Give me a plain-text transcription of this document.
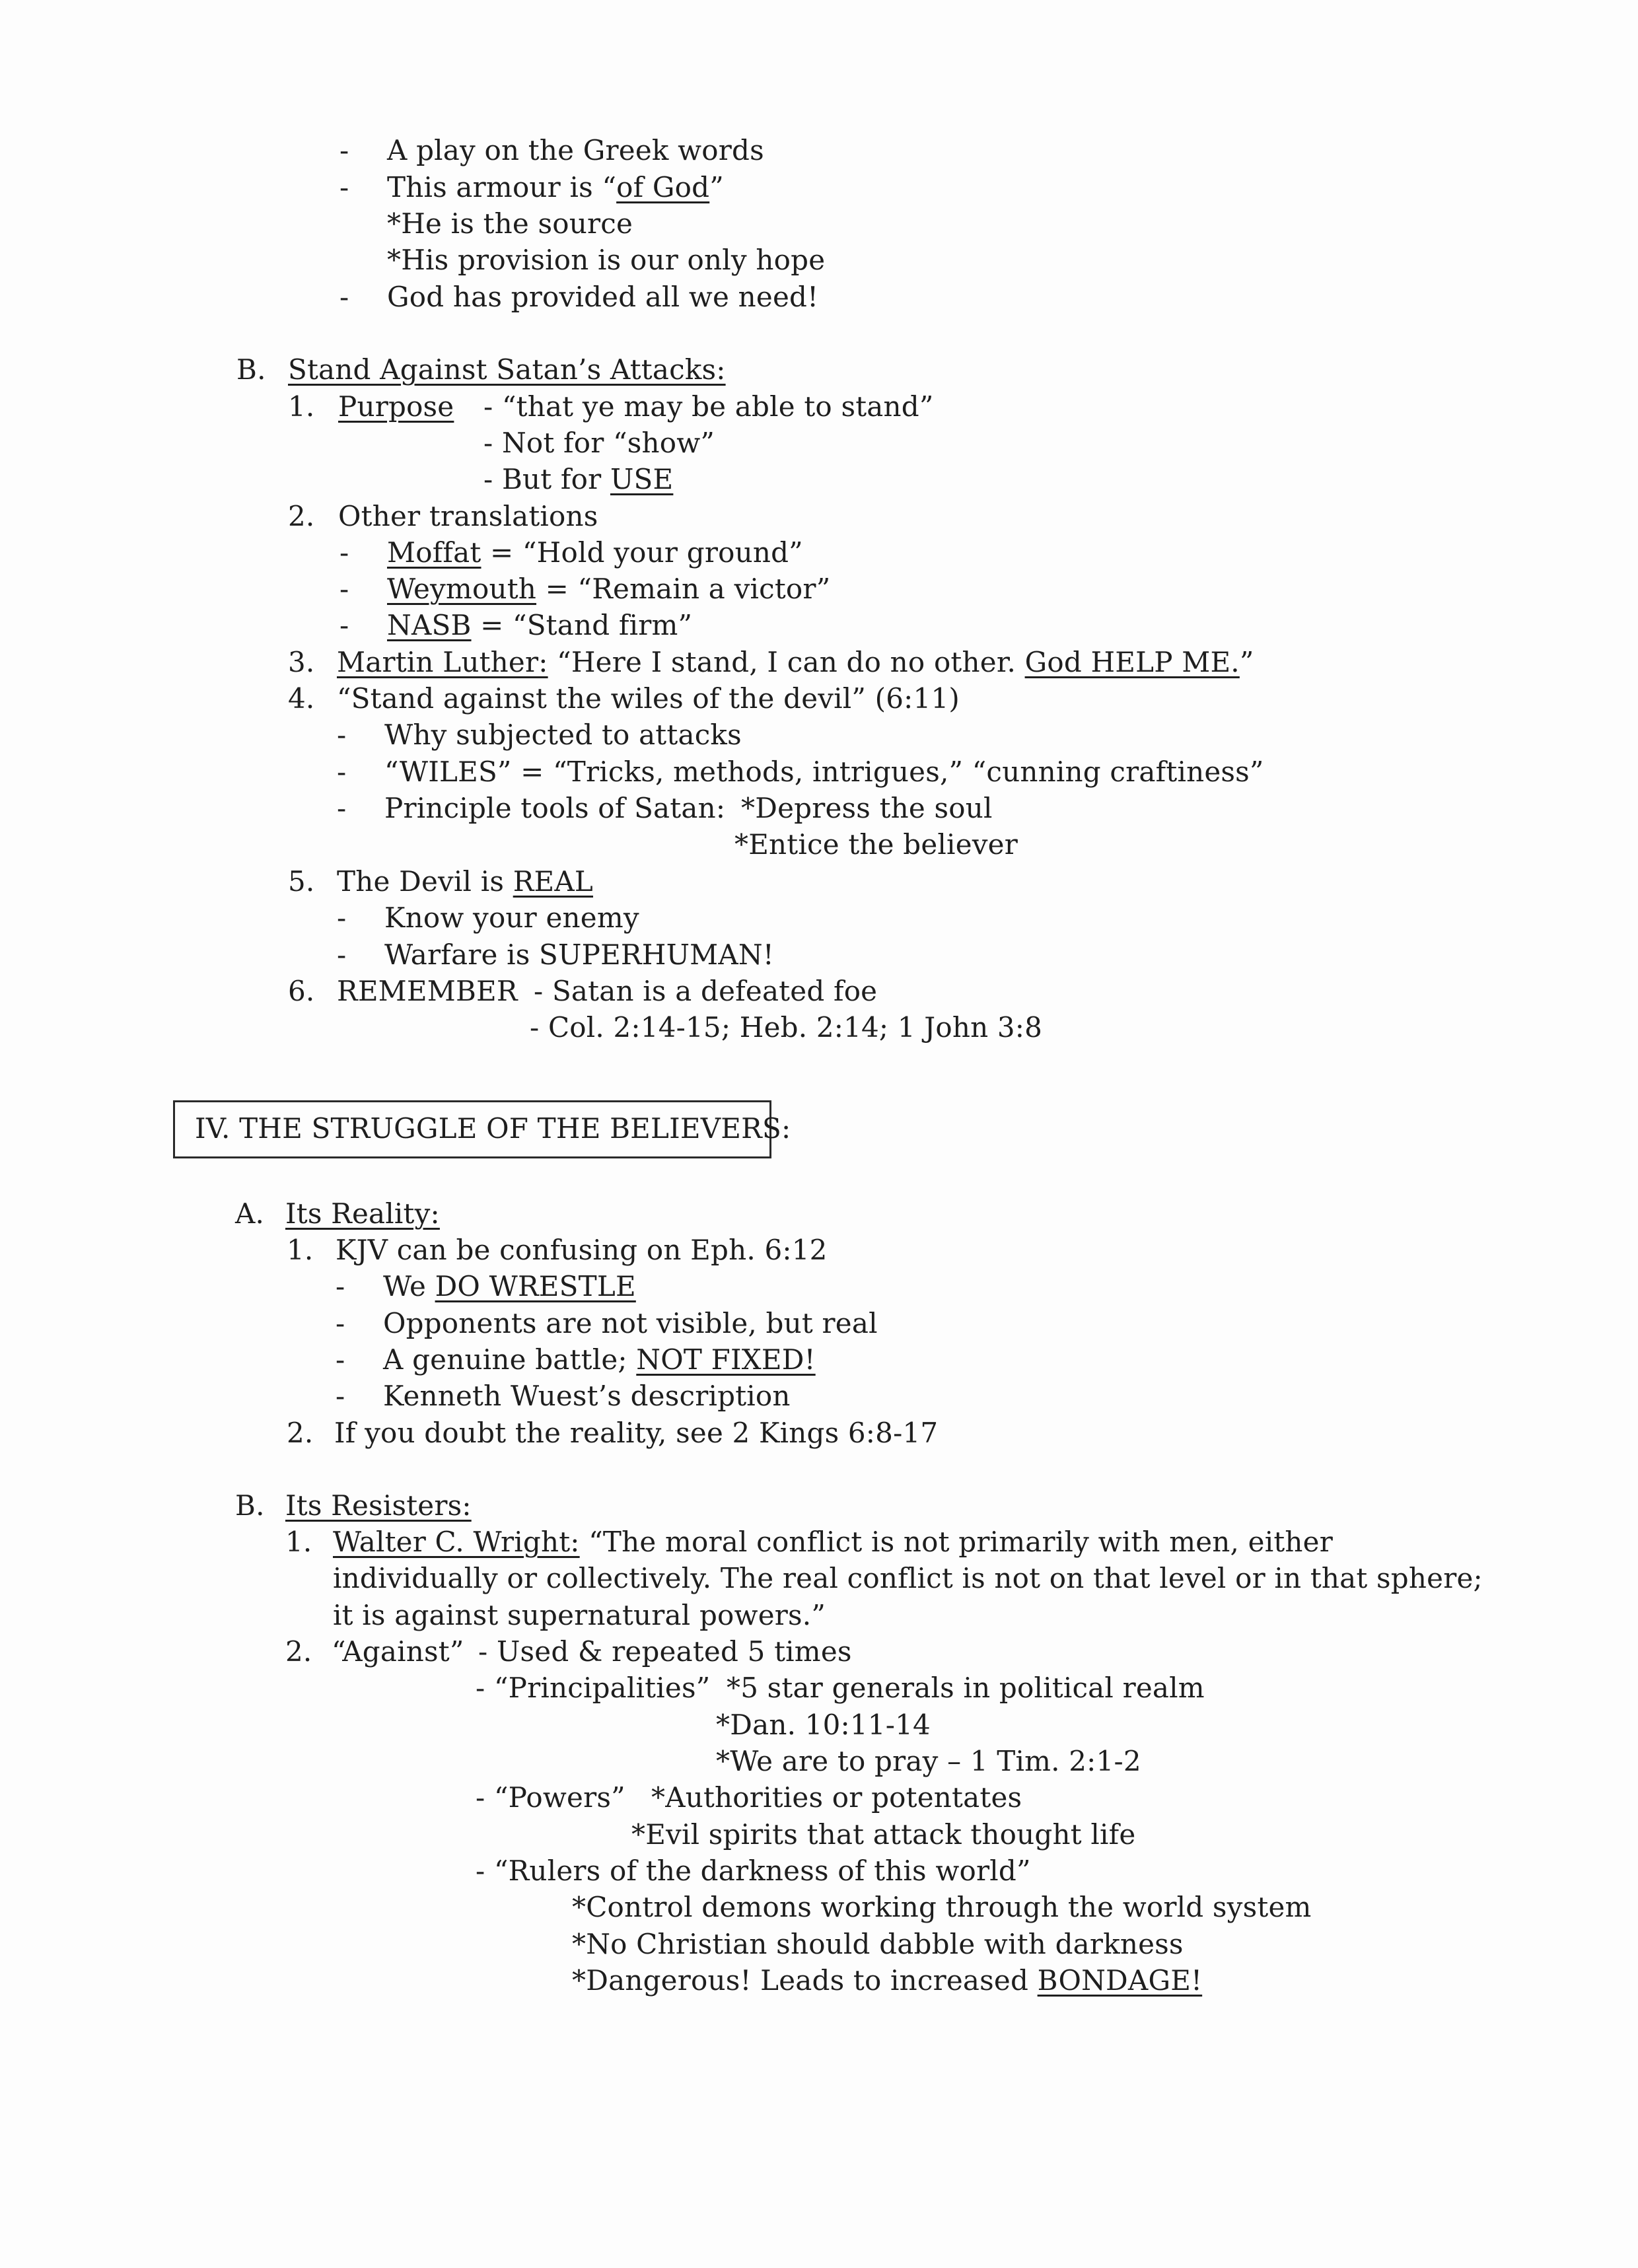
- A play on the Greek words
- This armour is “of God”
*He is the source
*His provision is our only hope
- God has provided all we need!
B. Stand Against Satan’s Attacks:
1. Purpose - “that ye may be able to stand”
- Not for “show”
- But for USE
2. Other translations
- Moffat = “Hold your ground”
- Weymouth = “Remain a victor”
- NASB = “Stand firm”
3. Martin Luther: “Here I stand, I can do no other. God HELP ME.”
4. “Stand against the wiles of the devil” (6:11)
- Why subjected to attacks
- “WILES” = “Tricks, methods, intrigues,” “cunning craftiness”
- Principle tools of Satan: *Depress the soul
*Entice the believer
5. The Devil is REAL
- Know your enemy
- Warfare is SUPERHUMAN!
6. REMEMBER - Satan is a defeated foe
- Col. 2:14-15; Heb. 2:14; 1 John 3:8
IV. THE STRUGGLE OF THE BELIEVERS:
A. Its Reality:
1. KJV can be confusing on Eph. 6:12
- We DO WRESTLE
- Opponents are not visible, but real
- A genuine battle; NOT FIXED!
- Kenneth Wuest’s description
2. If you doubt the reality, see 2 Kings 6:8-17
B. Its Resisters:
1. Walter C. Wright: “The moral conflict is not primarily with men, either
individually or collectively. The real conflict is not on that level or in that sphere;
it is against supernatural powers.”
2. “Against” - Used & repeated 5 times
- “Principalities” *5 star generals in political realm
*Dan. 10:11-14
*We are to pray – 1 Tim. 2:1-2
- “Powers” *Authorities or potentates
*Evil spirits that attack thought life
- “Rulers of the darkness of this world”
*Control demons working through the world system
*No Christian should dabble with darkness
*Dangerous! Leads to increased BONDAGE!
